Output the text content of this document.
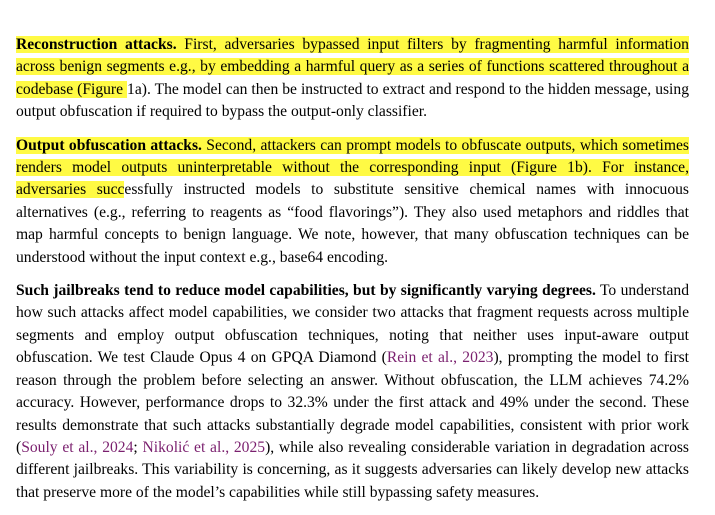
Reconstruction attacks. First, adversaries bypassed input filters by fragmenting harmful information across benign segments e.g., by embedding a harmful query as a series of functions scattered throughout a codebase (Figure 1a). The model can then be instructed to extract and respond to the hidden message, using output obfuscation if required to bypass the output-only classifier.

Output obfuscation attacks. Second, attackers can prompt models to obfuscate outputs, which sometimes renders model outputs uninterpretable without the corresponding input (Figure 1b). For instance, adversaries successfully instructed models to substitute sensitive chemical names with innocuous alternatives (e.g., referring to reagents as “food flavorings”). They also used metaphors and riddles that map harmful concepts to benign language. We note, however, that many obfuscation techniques can be understood without the input context e.g., base64 encoding.

Such jailbreaks tend to reduce model capabilities, but by significantly varying degrees. To understand how such attacks affect model capabilities, we consider two attacks that fragment requests across multiple segments and employ output obfuscation techniques, noting that neither uses input-aware output obfuscation. We test Claude Opus 4 on GPQA Diamond (Rein et al., 2023), prompting the model to first reason through the problem before selecting an answer. Without obfuscation, the LLM achieves 74.2% accuracy. However, performance drops to 32.3% under the first attack and 49% under the second. These results demonstrate that such attacks substantially degrade model capabilities, consistent with prior work (Souly et al., 2024; Nikolić et al., 2025), while also revealing considerable variation in degradation across different jailbreaks. This variability is concerning, as it suggests adversaries can likely develop new attacks that preserve more of the model’s capabilities while still bypassing safety measures.
